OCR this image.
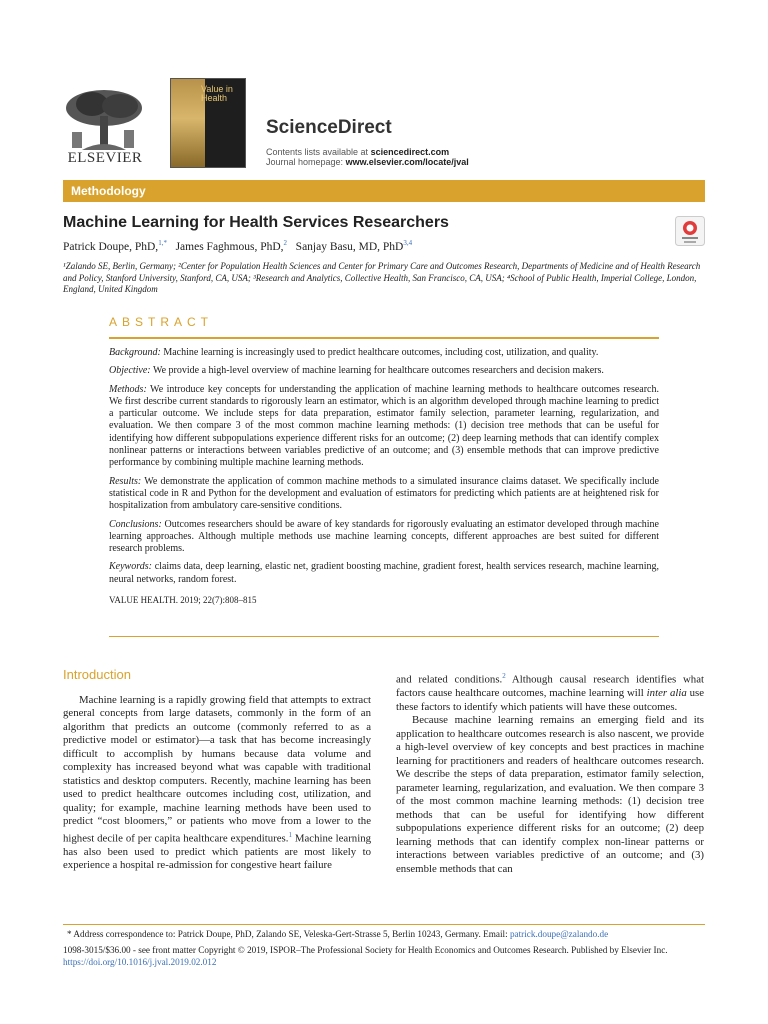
ELSEVIER
Value in
Health
ScienceDirect
Contents lists available at sciencedirect.com
Journal homepage: www.elsevier.com/locate/jval
Methodology
Machine Learning for Health Services Researchers
Patrick Doupe, PhD,$^{1,*}$ James Faghmous, PhD,$^2$ Sanjay Basu, MD, PhD$^{3,4}$
¹Zalando SE, Berlin, Germany; ²Center for Population Health Sciences and Center for Primary Care and Outcomes Research, Departments of Medicine and of Health Research and Policy, Stanford University, Stanford, CA, USA; ³Research and Analytics, Collective Health, San Francisco, CA, USA; ⁴School of Public Health, Imperial College, London, England, United Kingdom
ABSTRACT

Background: Machine learning is increasingly used to predict healthcare outcomes, including cost, utilization, and quality.

Objective: We provide a high-level overview of machine learning for healthcare outcomes researchers and decision makers.

Methods: We introduce key concepts for understanding the application of machine learning methods to healthcare outcomes research. We first describe current standards to rigorously learn an estimator, which is an algorithm developed through machine learning to predict a particular outcome. We include steps for data preparation, estimator family selection, parameter learning, regularization, and evaluation. We then compare 3 of the most common machine learning methods: (1) decision tree methods that can be useful for identifying how different subpopulations experience different risks for an outcome; (2) deep learning methods that can identify complex nonlinear patterns or interactions between variables predictive of an outcome; and (3) ensemble methods that can improve predictive performance by combining multiple machine learning methods.

Results: We demonstrate the application of common machine methods to a simulated insurance claims dataset. We specifically include statistical code in R and Python for the development and evaluation of estimators for predicting which patients are at heightened risk for hospitalization from ambulatory care-sensitive conditions.

Conclusions: Outcomes researchers should be aware of key standards for rigorously evaluating an estimator developed through machine learning approaches. Although multiple methods use machine learning concepts, different approaches are best suited for different research problems.

Keywords: claims data, deep learning, elastic net, gradient boosting machine, gradient forest, health services research, machine learning, neural networks, random forest.

VALUE HEALTH. 2019; 22(7):808–815

Introduction

Machine learning is a rapidly growing field that attempts to extract general concepts from large datasets, commonly in the form of an algorithm that predicts an outcome (commonly referred to as a predictive model or estimator)—a task that has become increasingly difficult to accomplish by humans because data volume and complexity has increased beyond what was capable with traditional statistics and desktop computers. Recently, machine learning has been used to predict healthcare outcomes including cost, utilization, and quality; for example, machine learning methods have been used to predict “cost bloomers,” or patients who move from a lower to the highest decile of per capita healthcare expenditures.$^1$ Machine learning has also been used to predict which patients are most likely to experience a hospital re-admission for congestive heart failure

and related conditions.$^2$ Although causal research identifies what factors cause healthcare outcomes, machine learning will inter alia use these factors to identify which patients will have these outcomes.

Because machine learning remains an emerging field and its application to healthcare outcomes research is also nascent, we provide a high-level overview of key concepts and best practices in machine learning for practitioners and readers of healthcare outcomes research. We describe the steps of data preparation, estimator family selection, parameter learning, regularization, and evaluation. We then compare 3 of the most common machine learning methods: (1) decision tree methods that can be useful for identifying how different subpopulations experience different risks for an outcome; (2) deep learning methods that can identify complex non-linear patterns or interactions between variables predictive of an outcome; and (3) ensemble methods that can

* Address correspondence to: Patrick Doupe, PhD, Zalando SE, Veleska-Gert-Strasse 5, Berlin 10243, Germany. Email: patrick.doupe@zalando.de
1098-3015/$36.00 - see front matter Copyright © 2019, ISPOR–The Professional Society for Health Economics and Outcomes Research. Published by Elsevier Inc.
https://doi.org/10.1016/j.jval.2019.02.012
